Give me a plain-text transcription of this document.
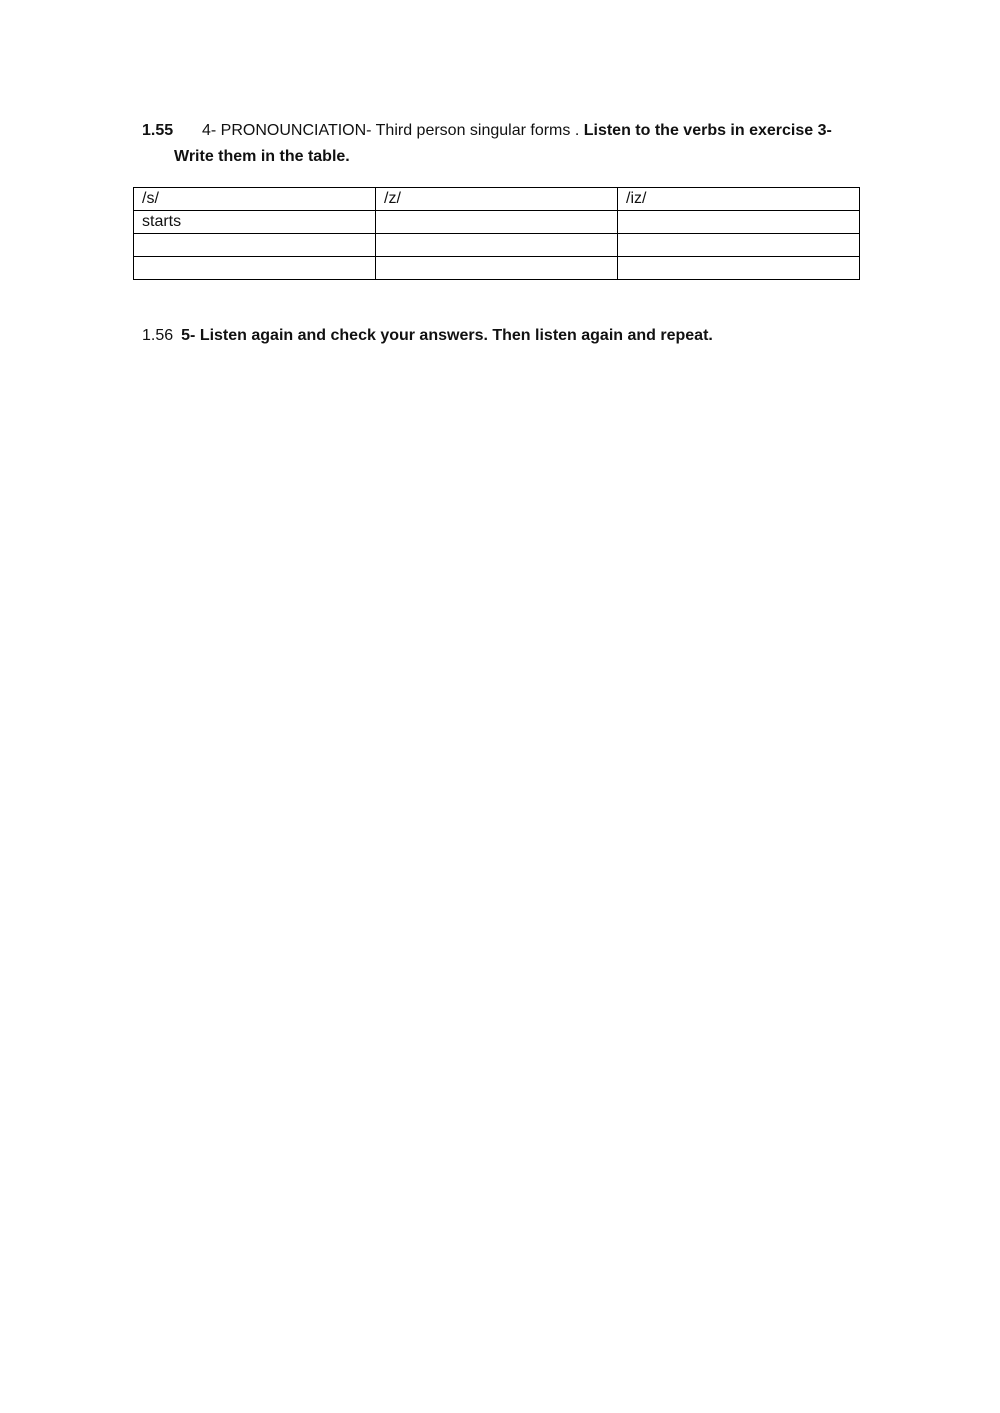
1.55 4- PRONOUNCIATION- Third person singular forms . Listen to the verbs in exercise 3-
Write them in the table.
/s/	/z/	/iz/
starts		

1.56 5- Listen again and check your answers. Then listen again and repeat.
